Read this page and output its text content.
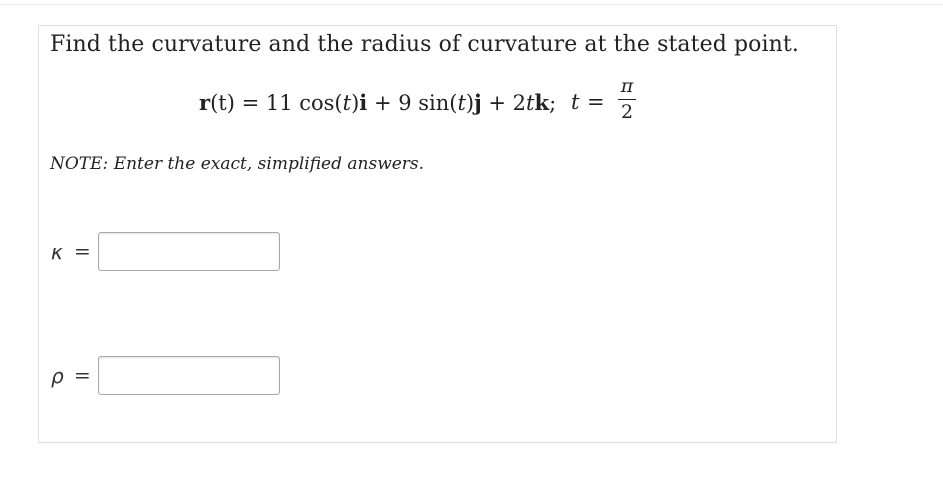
Find the curvature and the radius of curvature at the stated point.
r(t) = 11 cos(t)i + 9 sin(t)j + 2tk; t =
π
2
NOTE: Enter the exact, simplified answers.
κ =
ρ =
